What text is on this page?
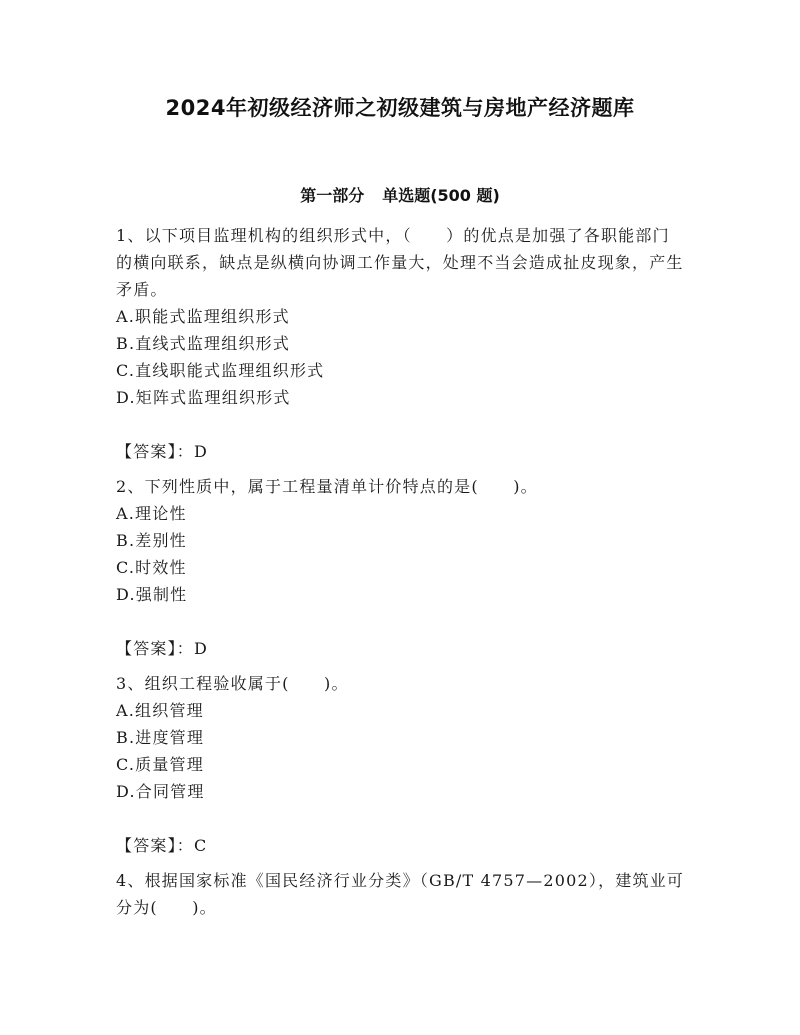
2024年初级经济师之初级建筑与房地产经济题库
第一部分 单选题(500 题)

1、以下项目监理机构的组织形式中，（　　）的优点是加强了各职能部门的横向联系，缺点是纵横向协调工作量大，处理不当会造成扯皮现象，产生矛盾。

A.职能式监理组织形式
B.直线式监理组织形式
C.直线职能式监理组织形式
D.矩阵式监理组织形式

【答案】：D

2、下列性质中，属于工程量清单计价特点的是(　　)。

A.理论性
B.差别性
C.时效性
D.强制性

【答案】：D

3、组织工程验收属于(　　)。

A.组织管理
B.进度管理
C.质量管理
D.合同管理

【答案】：C

4、根据国家标准《国民经济行业分类》（GB/T 4757—2002），建筑业可分为(　　)。
